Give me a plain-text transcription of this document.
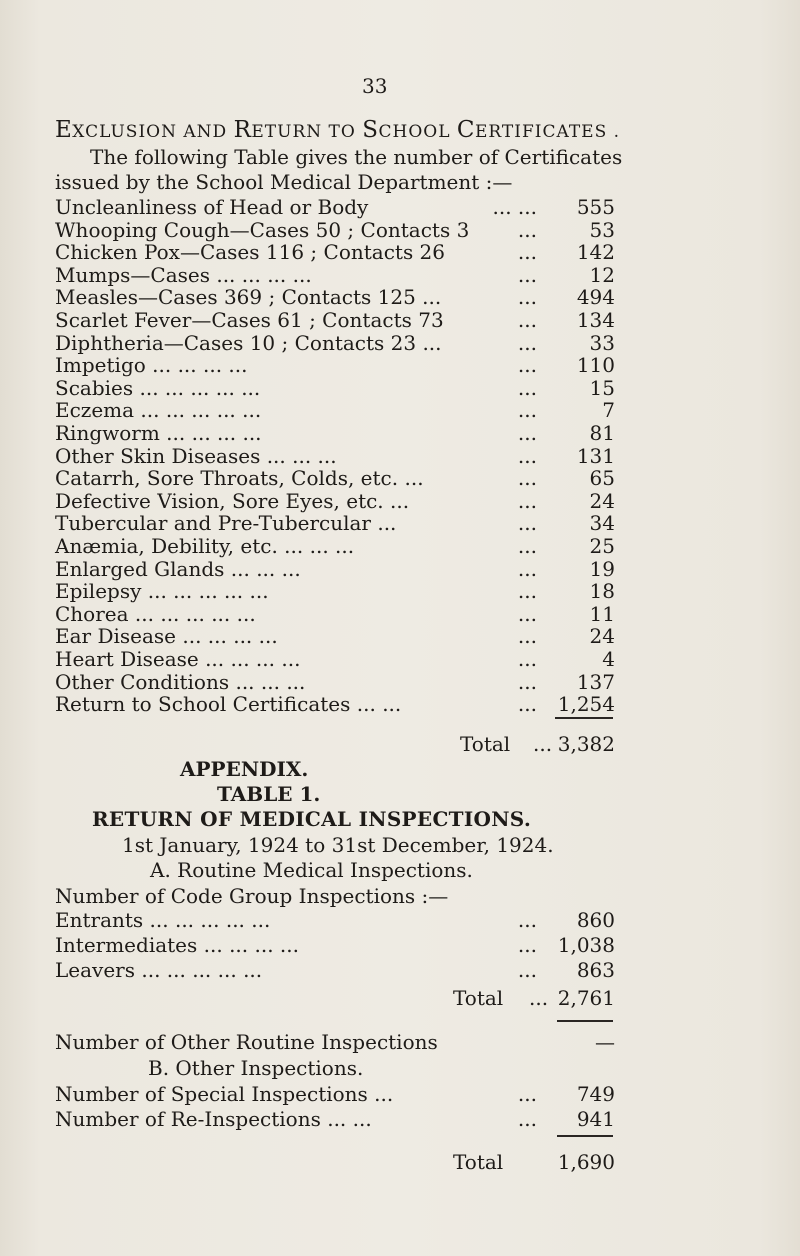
33
EXCLUSION AND RETURN TO SCHOOL CERTIFICATES .
The following Table gives the number of Certificates
issued by the School Medical Department :—
Uncleanliness of Head or Body	... ... 555
Whooping Cough—Cases 50 ; Contacts 3 ...	53
Chicken Pox—Cases 116 ; Contacts 26	... 142
Mumps—Cases ... ... ... ...	...	12
Measles—Cases 369 ; Contacts 125 ...	... 494
Scarlet Fever—Cases 61 ; Contacts 73	... 134
Diphtheria—Cases 10 ; Contacts 23 ...	...	33
Impetigo ... ... ... ...	... 110
Scabies ... ... ... ... ...	...	15
Eczema ... ... ... ... ...	...	7
Ringworm ... ... ... ...	...	81
Other Skin Diseases ... ... ...	... 131
Catarrh, Sore Throats, Colds, etc. ...	...	65
Defective Vision, Sore Eyes, etc. ...	...	24
Tubercular and Pre-Tubercular ...	...	34
Anæmia, Debility, etc. ... ... ...	...	25
Enlarged Glands ... ... ...	...	19
Epilepsy ... ... ... ... ...	...	18
Chorea ... ... ... ... ...	...	11
Ear Disease ... ... ... ...	...	24
Heart Disease ... ... ... ...	...	4
Other Conditions ... ... ...	... 137
Return to School Certificates ... ...	... 1,254
Total ... 3,382
APPENDIX.
TABLE 1.
RETURN OF MEDICAL INSPECTIONS.
1st January, 1924 to 31st December, 1924.
A. Routine Medical Inspections.
Number of Code Group Inspections :—
Entrants ... ... ... ... ...	... 860
Intermediates ... ... ... ...	... 1,038
Leavers ... ... ... ... ...	... 863
Total ... 2,761
Number of Other Routine Inspections	—
B. Other Inspections.
Number of Special Inspections ...	... 749
Number of Re-Inspections ... ...	... 941
Total	1,690
